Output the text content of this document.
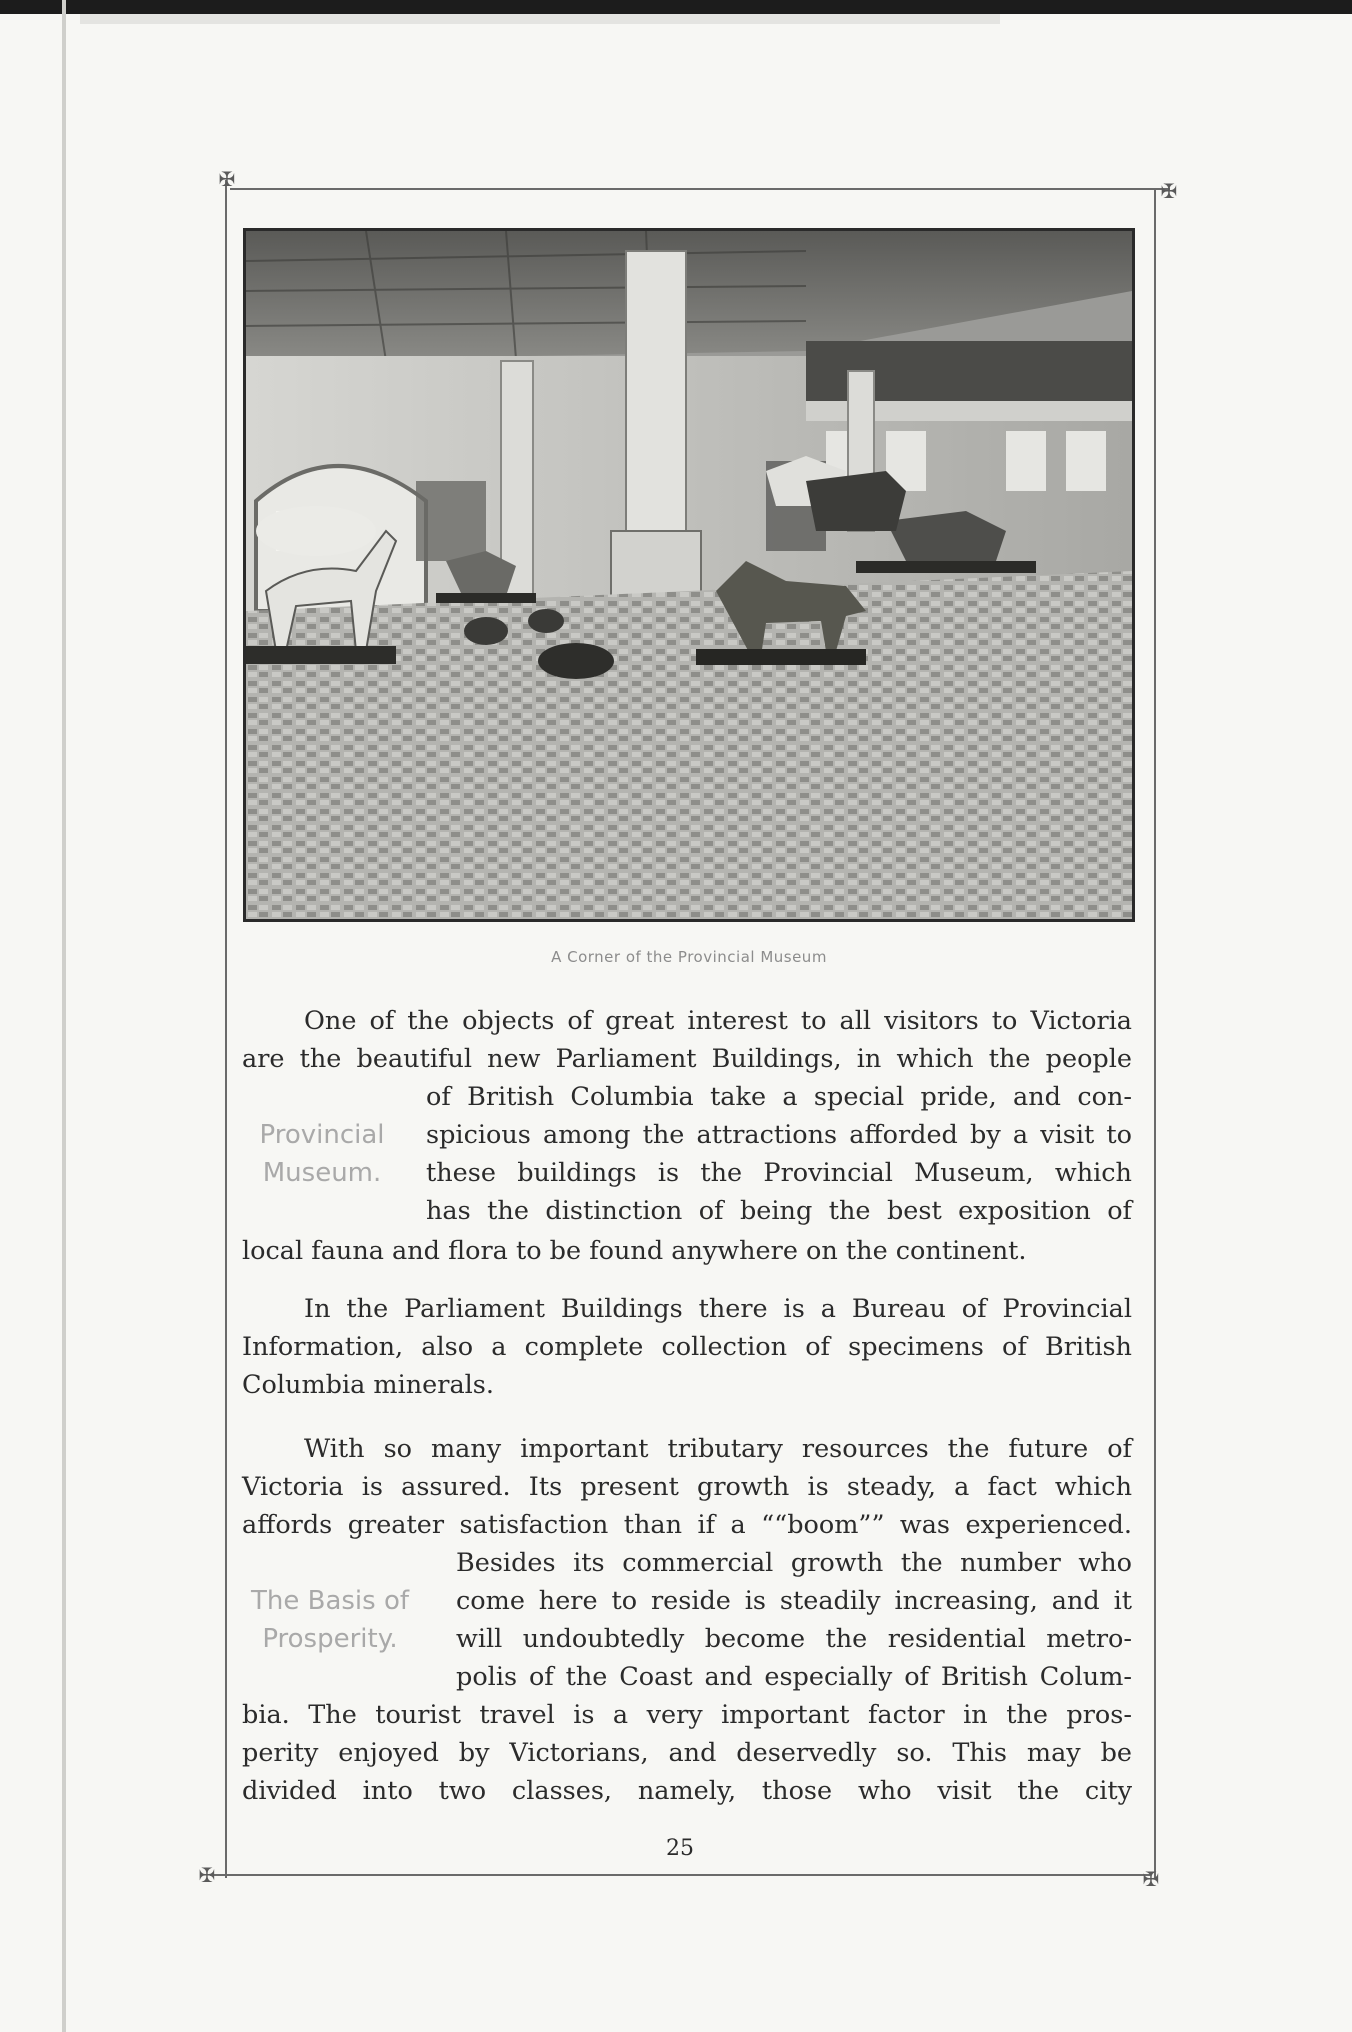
✠	✠
✠	✠
A Corner of the Provincial Museum
One of the objects of great interest to all visitors to Victoria
are the beautiful new Parliament Buildings, in which the people
Provincial
Museum.
of British Columbia take a special pride, and con-
spicious among the attractions afforded by a visit to
these buildings is the Provincial Museum, which
has the distinction of being the best exposition of
local fauna and flora to be found anywhere on the continent.
In the Parliament Buildings there is a Bureau of Provincial
Information, also a complete collection of specimens of British
Columbia minerals.
With so many important tributary resources the future of
Victoria is assured. Its present growth is steady, a fact which
affords greater satisfaction than if a ““boom”” was experienced.
The Basis of
Prosperity.
Besides its commercial growth the number who
come here to reside is steadily increasing, and it
will undoubtedly become the residential metro-
polis of the Coast and especially of British Colum-
bia. The tourist travel is a very important factor in the pros-
perity enjoyed by Victorians, and deservedly so. This may be
divided into two classes, namely, those who visit the city
25
